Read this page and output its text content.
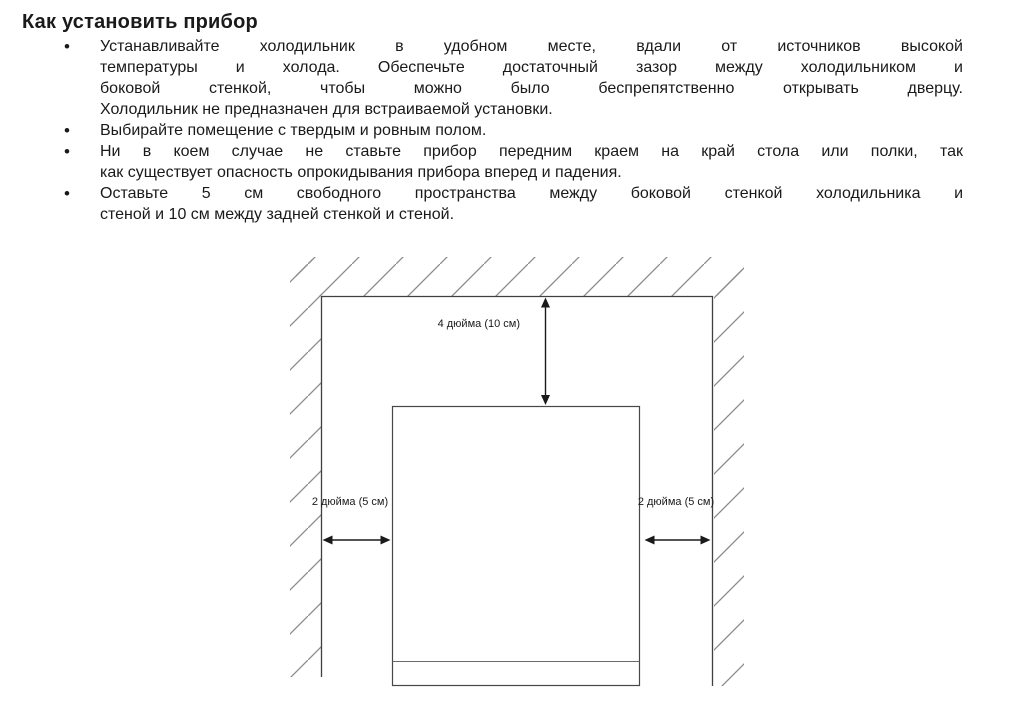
Как установить прибор
•	Устанавливайте холодильник в удобном месте, вдали от источников высокой
температуры и холода. Обеспечьте достаточный зазор между холодильником и
боковой стенкой, чтобы можно было беспрепятственно открывать дверцу.
Холодильник не предназначен для встраиваемой установки.
•	Выбирайте помещение с твердым и ровным полом.
•	Ни в коем случае не ставьте прибор передним краем на край стола или полки, так
как существует опасность опрокидывания прибора вперед и падения.
•	Оставьте 5 см свободного пространства между боковой стенкой холодильника и
стеной и 10 см между задней стенкой и стеной.
4 дюйма (10 см)
2 дюйма (5 см)	2 дюйма (5 см)
